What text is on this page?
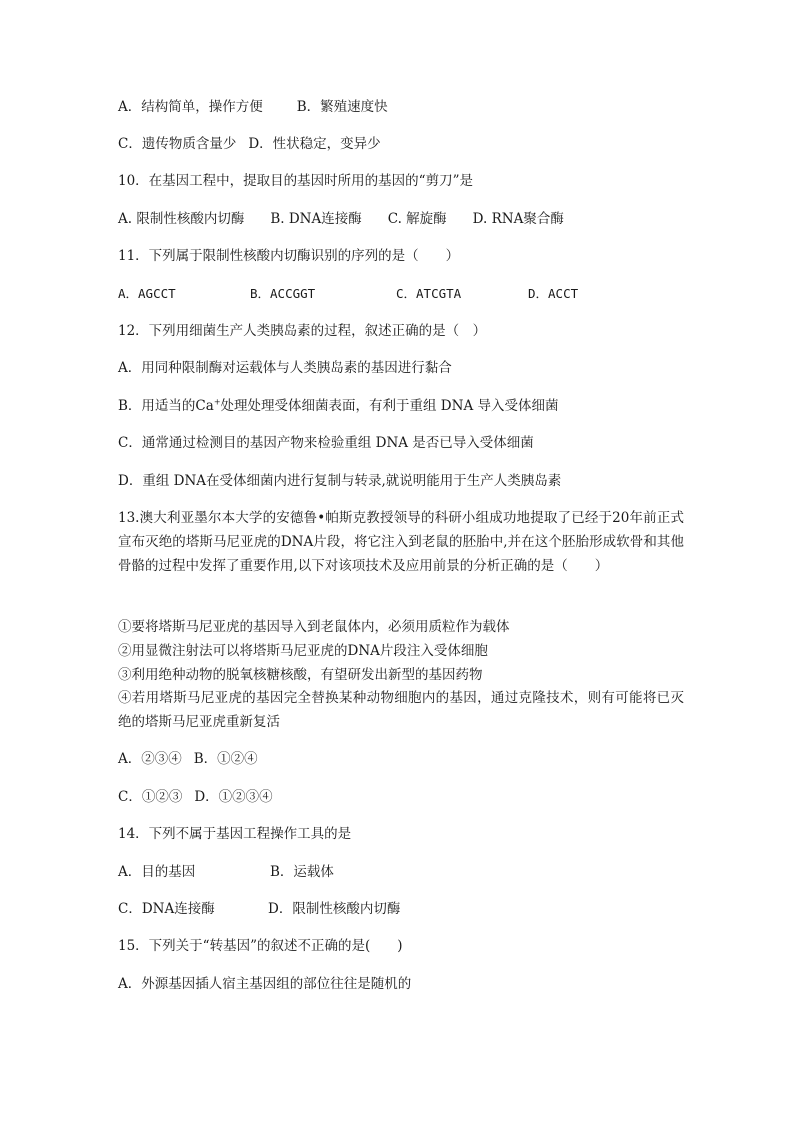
A．结构简单，操作方便	B．繁殖速度快
C．遗传物质含量少 D．性状稳定，变异少
10．在基因工程中，提取目的基因时所用的基因的“剪刀”是
A. 限制性核酸内切酶 B. DNA连接酶 C. 解旋酶 D. RNA聚合酶
11．下列属于限制性核酸内切酶识别的序列的是（　　）
A．AGCCT	B．ACCGGT	C．ATCGTA	D．ACCT
12．下列用细菌生产人类胰岛素的过程，叙述正确的是（　）
A．用同种限制酶对运载体与人类胰岛素的基因进行黏合
B．用适当的Ca+处理处理受体细菌表面，有利于重组 DNA 导入受体细菌
C．通常通过检测目的基因产物来检验重组 DNA 是否已导入受体细菌
D．重组 DNA在受体细菌内进行复制与转录,就说明能用于生产人类胰岛素
13.澳大利亚墨尔本大学的安德鲁•帕斯克教授领导的科研小组成功地提取了已经于20年前正式宣布灭绝的塔斯马尼亚虎的DNA片段，将它注入到老鼠的胚胎中,并在这个胚胎形成软骨和其他骨骼的过程中发挥了重要作用,以下对该项技术及应用前景的分析正确的是（　　）
①要将塔斯马尼亚虎的基因导入到老鼠体内，必须用质粒作为载体
②用显微注射法可以将塔斯马尼亚虎的DNA片段注入受体细胞
③利用绝种动物的脱氧核糖核酸，有望研发出新型的基因药物
④若用塔斯马尼亚虎的基因完全替换某种动物细胞内的基因，通过克隆技术，则有可能将已灭绝的塔斯马尼亚虎重新复活
A．②③④ B．①②④
C．①②③ D．①②③④
14．下列不属于基因工程操作工具的是
A．目的基因	B．运载体
C．DNA连接酶	D．限制性核酸内切酶
15．下列关于“转基因”的叙述不正确的是(　　)
A．外源基因插人宿主基因组的部位往往是随机的
